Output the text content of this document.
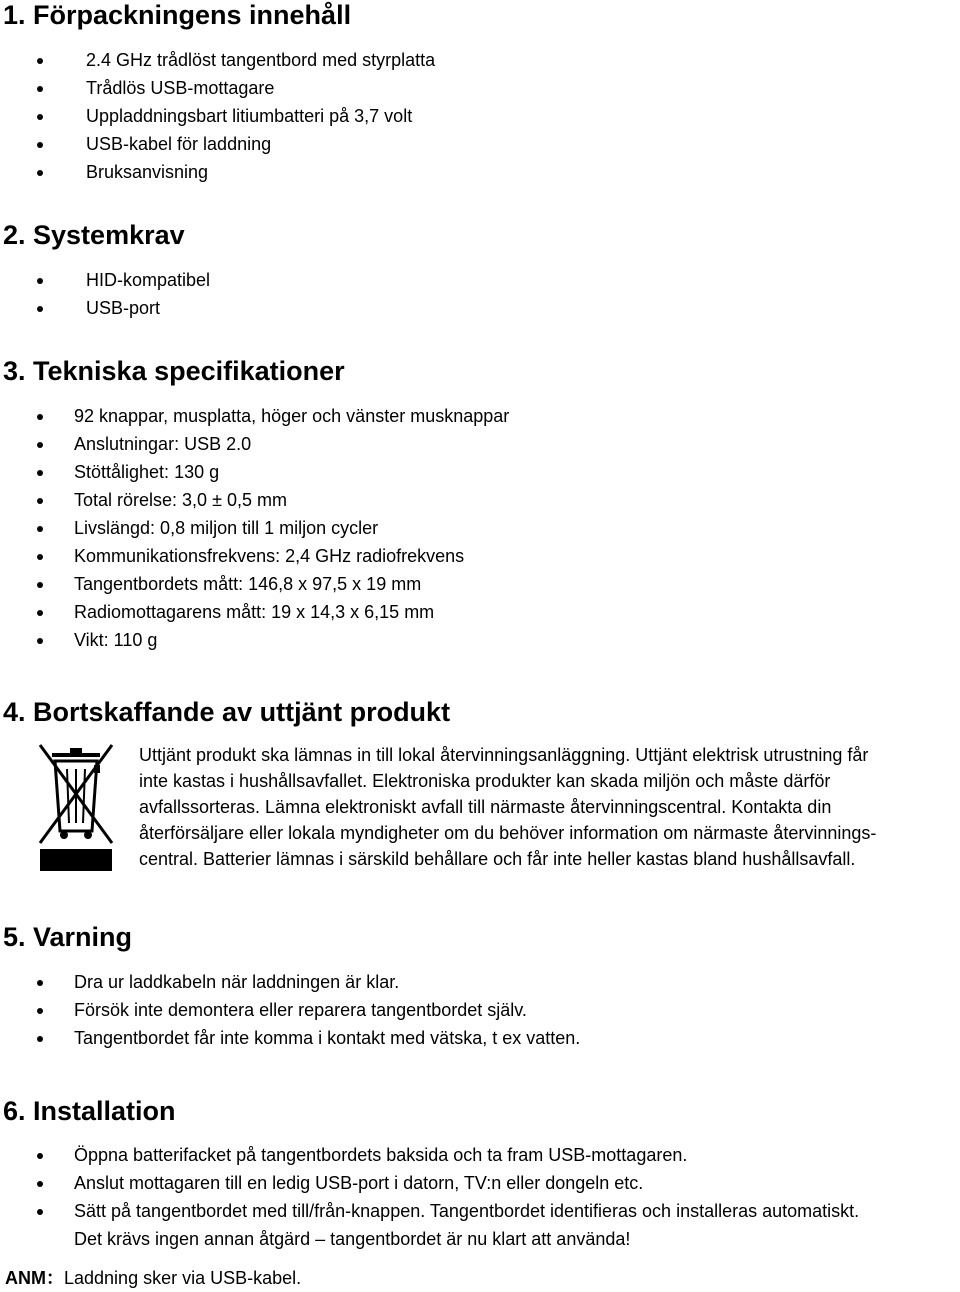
1. Förpackningens innehåll
2.4 GHz trådlöst tangentbord med styrplatta
Trådlös USB-mottagare
Uppladdningsbart litiumbatteri på 3,7 volt
USB-kabel för laddning
Bruksanvisning
2. Systemkrav
HID-kompatibel
USB-port
3. Tekniska specifikationer
92 knappar, musplatta, höger och vänster musknappar
Anslutningar: USB 2.0
Stöttålighet: 130 g
Total rörelse: 3,0 ± 0,5 mm
Livslängd: 0,8 miljon till 1 miljon cycler
Kommunikationsfrekvens: 2,4 GHz radiofrekvens
Tangentbordets mått: 146,8 x 97,5 x 19 mm
Radiomottagarens mått: 19 x 14,3 x 6,15 mm
Vikt: 110 g
4. Bortskaffande av uttjänt produkt
Uttjänt produkt ska lämnas in till lokal återvinningsanläggning. Uttjänt elektrisk utrustning får
inte kastas i hushållsavfallet. Elektroniska produkter kan skada miljön och måste därför
avfallssorteras. Lämna elektroniskt avfall till närmaste återvinningscentral. Kontakta din
återförsäljare eller lokala myndigheter om du behöver information om närmaste återvinnings-
central. Batterier lämnas i särskild behållare och får inte heller kastas bland hushållsavfall.
5. Varning
Dra ur laddkabeln när laddningen är klar.
Försök inte demontera eller reparera tangentbordet själv.
Tangentbordet får inte komma i kontakt med vätska, t ex vatten.
6. Installation
Öppna batterifacket på tangentbordets baksida och ta fram USB-mottagaren.
Anslut mottagaren till en ledig USB-port i datorn, TV:n eller dongeln etc.
Sätt på tangentbordet med till/från-knappen. Tangentbordet identifieras och installeras automatiskt.
Det krävs ingen annan åtgärd – tangentbordet är nu klart att använda!

ANM：Laddning sker via USB-kabel.
